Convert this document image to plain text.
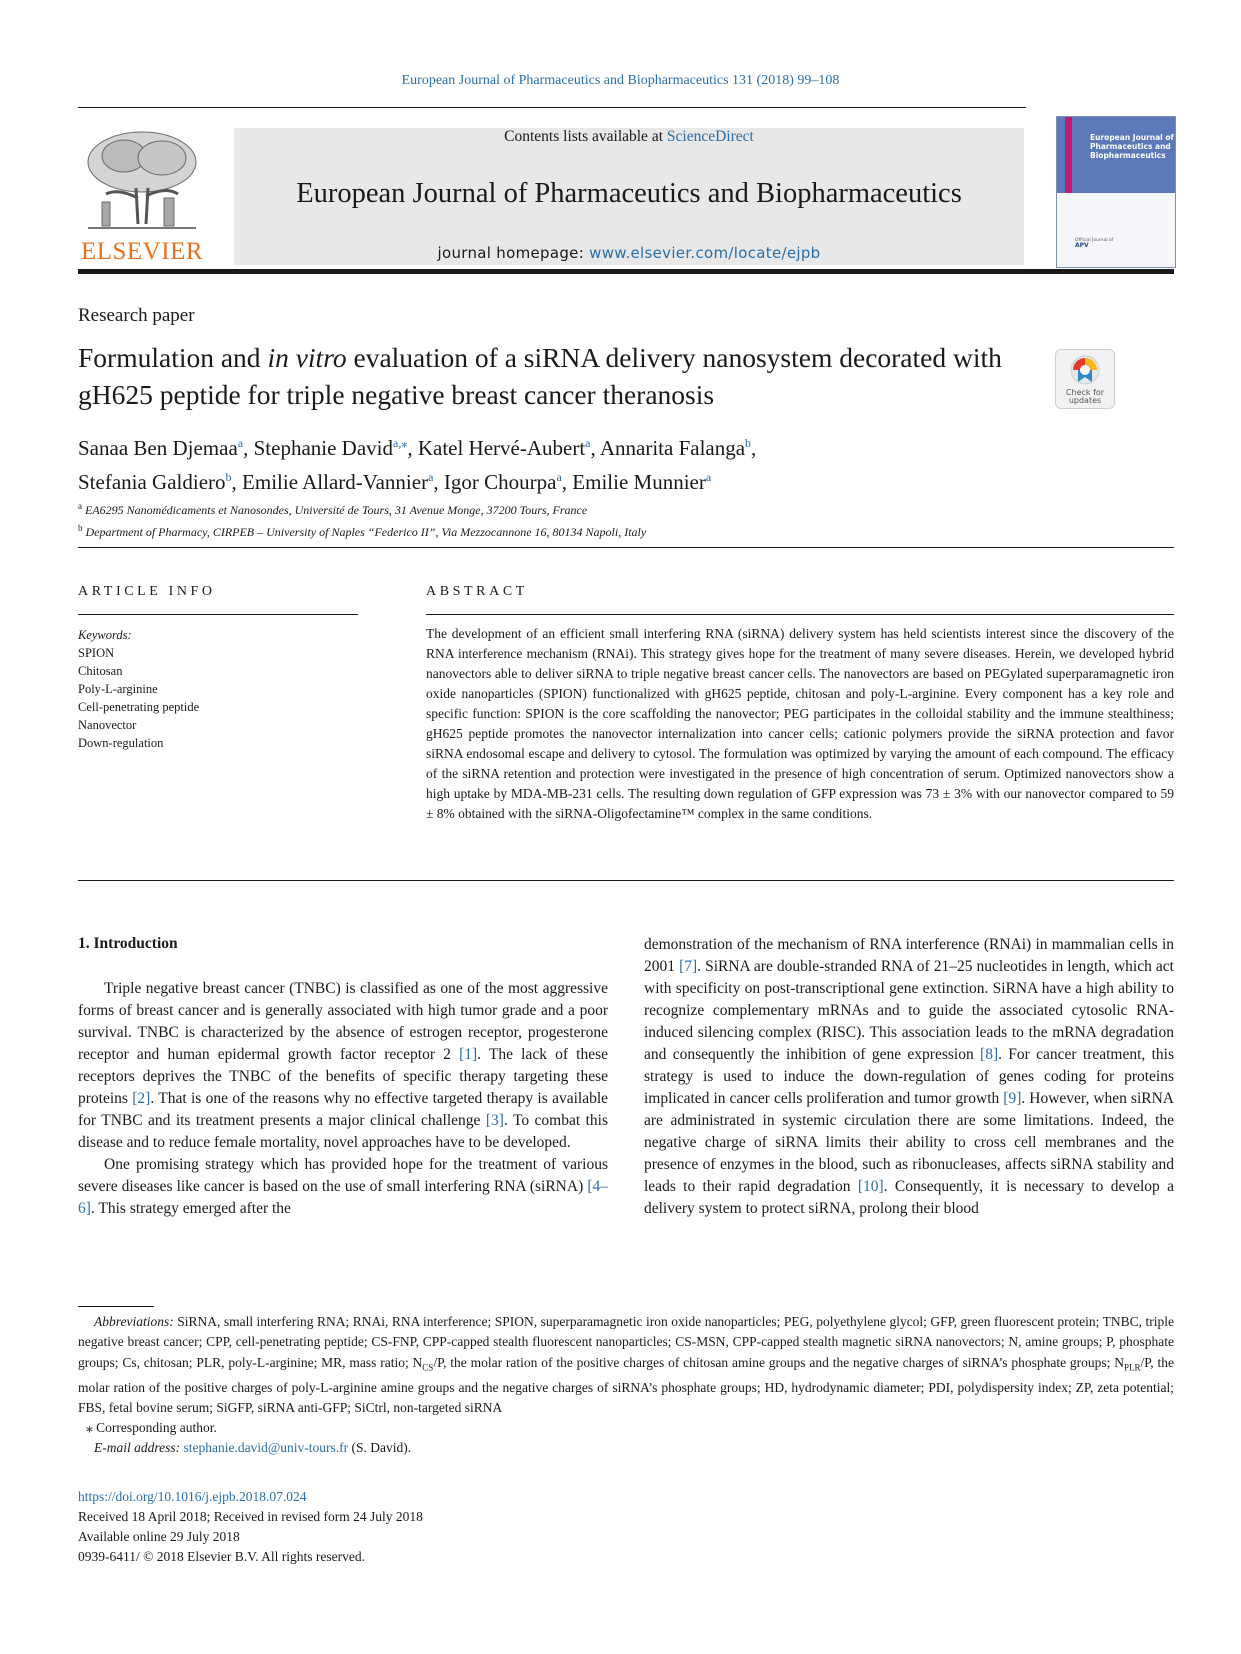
European Journal of Pharmaceutics and Biopharmaceutics 131 (2018) 99–108
ELSEVIER
Contents lists available at ScienceDirect
European Journal of Pharmaceutics and Biopharmaceutics
journal homepage: www.elsevier.com/locate/ejpb
European Journal of Pharmaceutics and Biopharmaceutics
Official Journal of
APV
Research paper
Formulation and in vitro evaluation of a siRNA delivery nanosystem decorated with gH625 peptide for triple negative breast cancer theranosis	Check for updates
Sanaa Ben Djemaa$^a$, Stephanie David$^{a,⁎}$, Katel Hervé-Aubert$^a$, Annarita Falanga$^b$,
Stefania Galdiero$^b$, Emilie Allard-Vannier$^a$, Igor Chourpa$^a$, Emilie Munnier$^a$
$^a$ EA6295 Nanomédicaments et Nanosondes, Université de Tours, 31 Avenue Monge, 37200 Tours, France
$^b$ Department of Pharmacy, CIRPEB – University of Naples “Federico II”, Via Mezzocannone 16, 80134 Napoli, Italy
ARTICLE INFO
Keywords:
SPION
Chitosan
Poly-L-arginine
Cell-penetrating peptide
Nanovector
Down-regulation
ABSTRACT
The development of an efficient small interfering RNA (siRNA) delivery system has held scientists interest since the discovery of the RNA interference mechanism (RNAi). This strategy gives hope for the treatment of many severe diseases. Herein, we developed hybrid nanovectors able to deliver siRNA to triple negative breast cancer cells. The nanovectors are based on PEGylated superparamagnetic iron oxide nanoparticles (SPION) functionalized with gH625 peptide, chitosan and poly-L-arginine. Every component has a key role and specific function: SPION is the core scaffolding the nanovector; PEG participates in the colloidal stability and the immune stealthiness; gH625 peptide promotes the nanovector internalization into cancer cells; cationic polymers provide the siRNA protection and favor siRNA endosomal escape and delivery to cytosol. The formulation was optimized by varying the amount of each compound. The efficacy of the siRNA retention and protection were investigated in the presence of high concentration of serum. Optimized nanovectors show a high uptake by MDA-MB-231 cells. The resulting down regulation of GFP expression was 73 ± 3% with our nanovector compared to 59 ± 8% obtained with the siRNA-Oligofectamine™ complex in the same conditions.
1. Introduction

Triple negative breast cancer (TNBC) is classified as one of the most aggressive forms of breast cancer and is generally associated with high tumor grade and a poor survival. TNBC is characterized by the absence of estrogen receptor, progesterone receptor and human epidermal growth factor receptor 2 [1]. The lack of these receptors deprives the TNBC of the benefits of specific therapy targeting these proteins [2]. That is one of the reasons why no effective targeted therapy is available for TNBC and its treatment presents a major clinical challenge [3]. To combat this disease and to reduce female mortality, novel approaches have to be developed.

One promising strategy which has provided hope for the treatment of various severe diseases like cancer is based on the use of small interfering RNA (siRNA) [4–6]. This strategy emerged after the

demonstration of the mechanism of RNA interference (RNAi) in mammalian cells in 2001 [7]. SiRNA are double-stranded RNA of 21–25 nucleotides in length, which act with specificity on post-transcriptional gene extinction. SiRNA have a high ability to recognize complementary mRNAs and to guide the associated cytosolic RNA-induced silencing complex (RISC). This association leads to the mRNA degradation and consequently the inhibition of gene expression [8]. For cancer treatment, this strategy is used to induce the down-regulation of genes coding for proteins implicated in cancer cells proliferation and tumor growth [9]. However, when siRNA are administrated in systemic circulation there are some limitations. Indeed, the negative charge of siRNA limits their ability to cross cell membranes and the presence of enzymes in the blood, such as ribonucleases, affects siRNA stability and leads to their rapid degradation [10]. Consequently, it is necessary to develop a delivery system to protect siRNA, prolong their blood

Abbreviations: SiRNA, small interfering RNA; RNAi, RNA interference; SPION, superparamagnetic iron oxide nanoparticles; PEG, polyethylene glycol; GFP, green fluorescent protein; TNBC, triple negative breast cancer; CPP, cell-penetrating peptide; CS-FNP, CPP-capped stealth fluorescent nanoparticles; CS-MSN, CPP-capped stealth magnetic siRNA nanovectors; N, amine groups; P, phosphate groups; Cs, chitosan; PLR, poly-L-arginine; MR, mass ratio; $N_{CS}/P$, the molar ration of the positive charges of chitosan amine groups and the negative charges of siRNA’s phosphate groups; $N_{PLR}/P$, the molar ration of the positive charges of poly-L-arginine amine groups and the negative charges of siRNA’s phosphate groups; HD, hydrodynamic diameter; PDI, polydispersity index; ZP, zeta potential; FBS, fetal bovine serum; SiGFP, siRNA anti-GFP; SiCtrl, non-targeted siRNA
⁎ Corresponding author.
E-mail address: stephanie.david@univ-tours.fr (S. David).
https://doi.org/10.1016/j.ejpb.2018.07.024
Received 18 April 2018; Received in revised form 24 July 2018
Available online 29 July 2018
0939-6411/ © 2018 Elsevier B.V. All rights reserved.
